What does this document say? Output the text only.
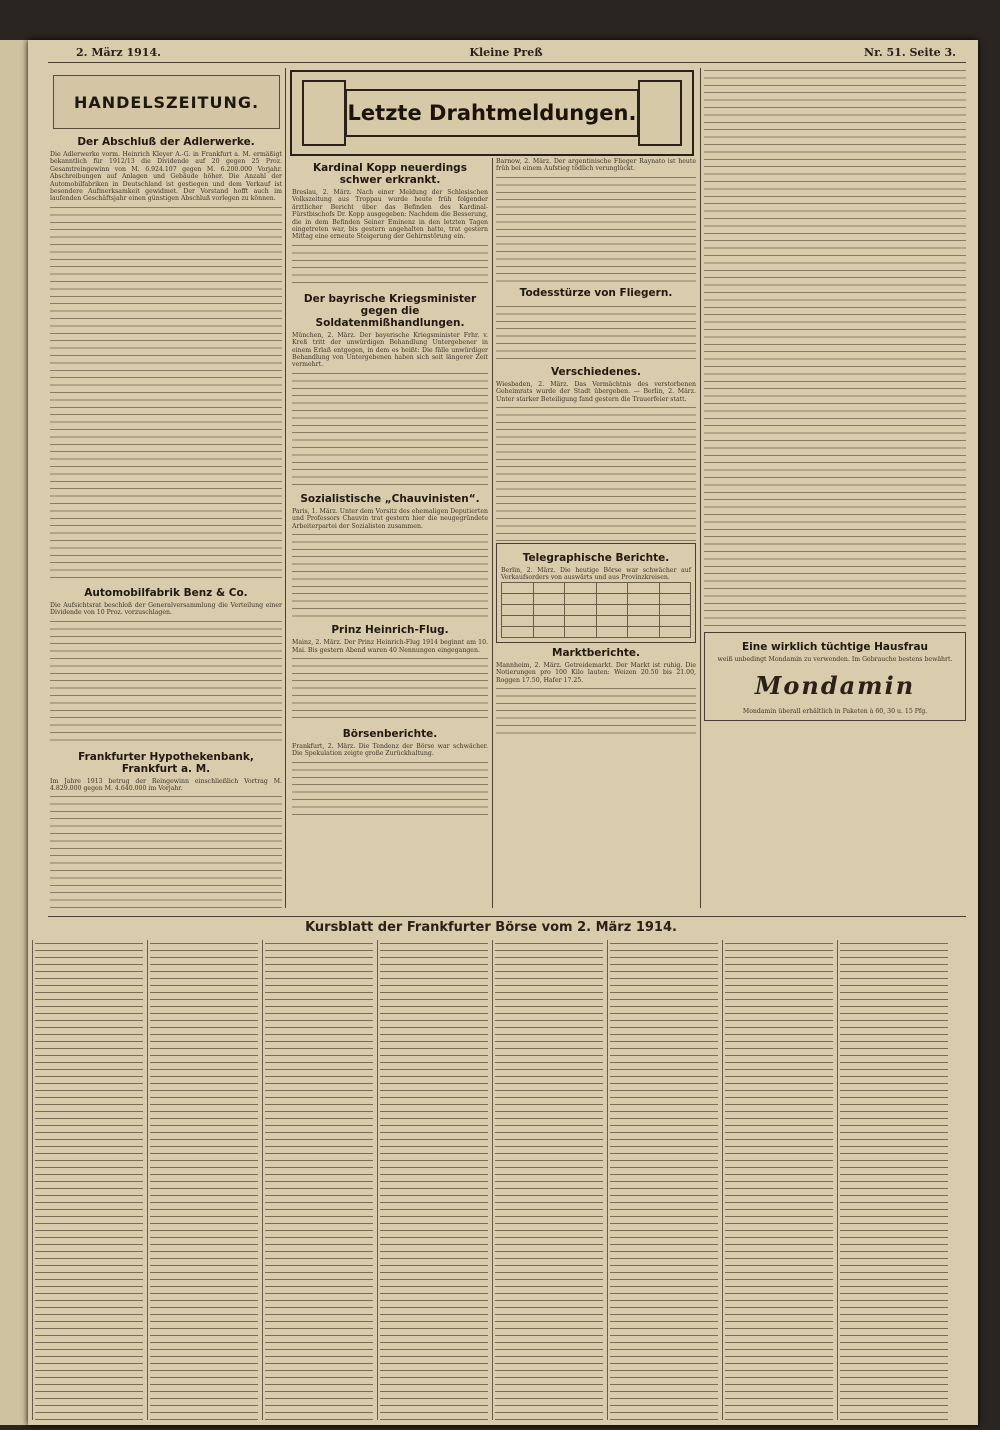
2. März 1914.	Kleine Preß	Nr. 51. Seite 3.
HANDELSZEITUNG.
Der Abschluß der Adlerwerke.
Die Adlerwerke vorm. Heinrich Kleyer A.-G. in Frankfurt a. M. ermäßigt bekanntlich für 1912/13 die Dividende auf 20 gegen 25 Proz. Gesamtreingewinn von M. 6.924.107 gegen M. 6.200.000 Vorjahr. Abschreibungen auf Anlagen und Gebäude höher. Die Anzahl der Automobilfabriken in Deutschland ist gestiegen und dem Verkauf ist besondere Aufmerksamkeit gewidmet. Der Vorstand hofft auch im laufenden Geschäftsjahr einen günstigen Abschluß vorlegen zu können.
Automobilfabrik Benz & Co.
Die Aufsichtsrat beschloß der Generalversammlung die Verteilung einer Dividende von 10 Proz. vorzuschlagen.
Frankfurter Hypothekenbank, Frankfurt a. M.
Im Jahre 1913 betrug der Reingewinn einschließlich Vortrag M. 4.829.000 gegen M. 4.640.000 im Vorjahr.
Letzte Drahtmeldungen.
Kardinal Kopp neuerdings schwer erkrankt.
Breslau, 2. März. Nach einer Meldung der Schlesischen Volkszeitung aus Troppau wurde heute früh folgender ärztlicher Bericht über das Befinden des Kardinal-Fürstbischofs Dr. Kopp ausgegeben: Nachdem die Besserung, die in dem Befinden Seiner Eminenz in den letzten Tagen eingetreten war, bis gestern angehalten hatte, trat gestern Mittag eine erneute Steigerung der Gehirnstörung ein.
Der bayrische Kriegsminister gegen die Soldatenmißhandlungen.
München, 2. März. Der bayerische Kriegsminister Frhr. v. Kreß tritt der unwürdigen Behandlung Untergebener in einem Erlaß entgegen, in dem es heißt: Die fälle unwürdiger Behandlung von Untergebenen haben sich seit längerer Zeit vermehrt.
Sozialistische „Chauvinisten“.
Paris, 1. März. Unter dem Vorsitz des ehemaligen Deputierten und Professors Chauvin trat gestern hier die neugegründete Arbeiterpartei der Sozialisten zusammen.
Prinz Heinrich-Flug.
Mainz, 2. März. Der Prinz Heinrich-Flug 1914 beginnt am 10. Mai. Bis gestern Abend waren 40 Nennungen eingegangen.
Börsenberichte.
Frankfurt, 2. März. Die Tendenz der Börse war schwächer. Die Spekulation zeigte große Zurückhaltung.
Barnow, 2. März. Der argentinische Flieger Raynato ist heute früh bei einem Aufstieg tödlich verunglückt.
Todesstürze von Fliegern.
Verschiedenes.
Wiesbaden, 2. März. Das Vermächtnis des verstorbenen Geheimrats wurde der Stadt übergeben. — Berlin, 2. März. Unter starker Beteiligung fand gestern die Trauerfeier statt.
Telegraphische Berichte.
Berlin, 2. März. Die heutige Börse war schwächer auf Verkaufsorders von auswärts und aus Provinzkreisen.

Marktberichte.
Mannheim, 2. März. Getreidemarkt. Der Markt ist ruhig. Die Notierungen pro 100 Kilo lauten: Weizen 20.50 bis 21.00, Roggen 17.50, Hafer 17.25.
Eine wirklich tüchtige Hausfrau
weiß unbedingt Mondamin zu verwenden. Im Gebrauche bestens bewährt.
Mondamin
Mondamin überall erhältlich in Paketen à 60, 30 u. 15 Pfg.
Kursblatt der Frankfurter Börse vom 2. März 1914.
